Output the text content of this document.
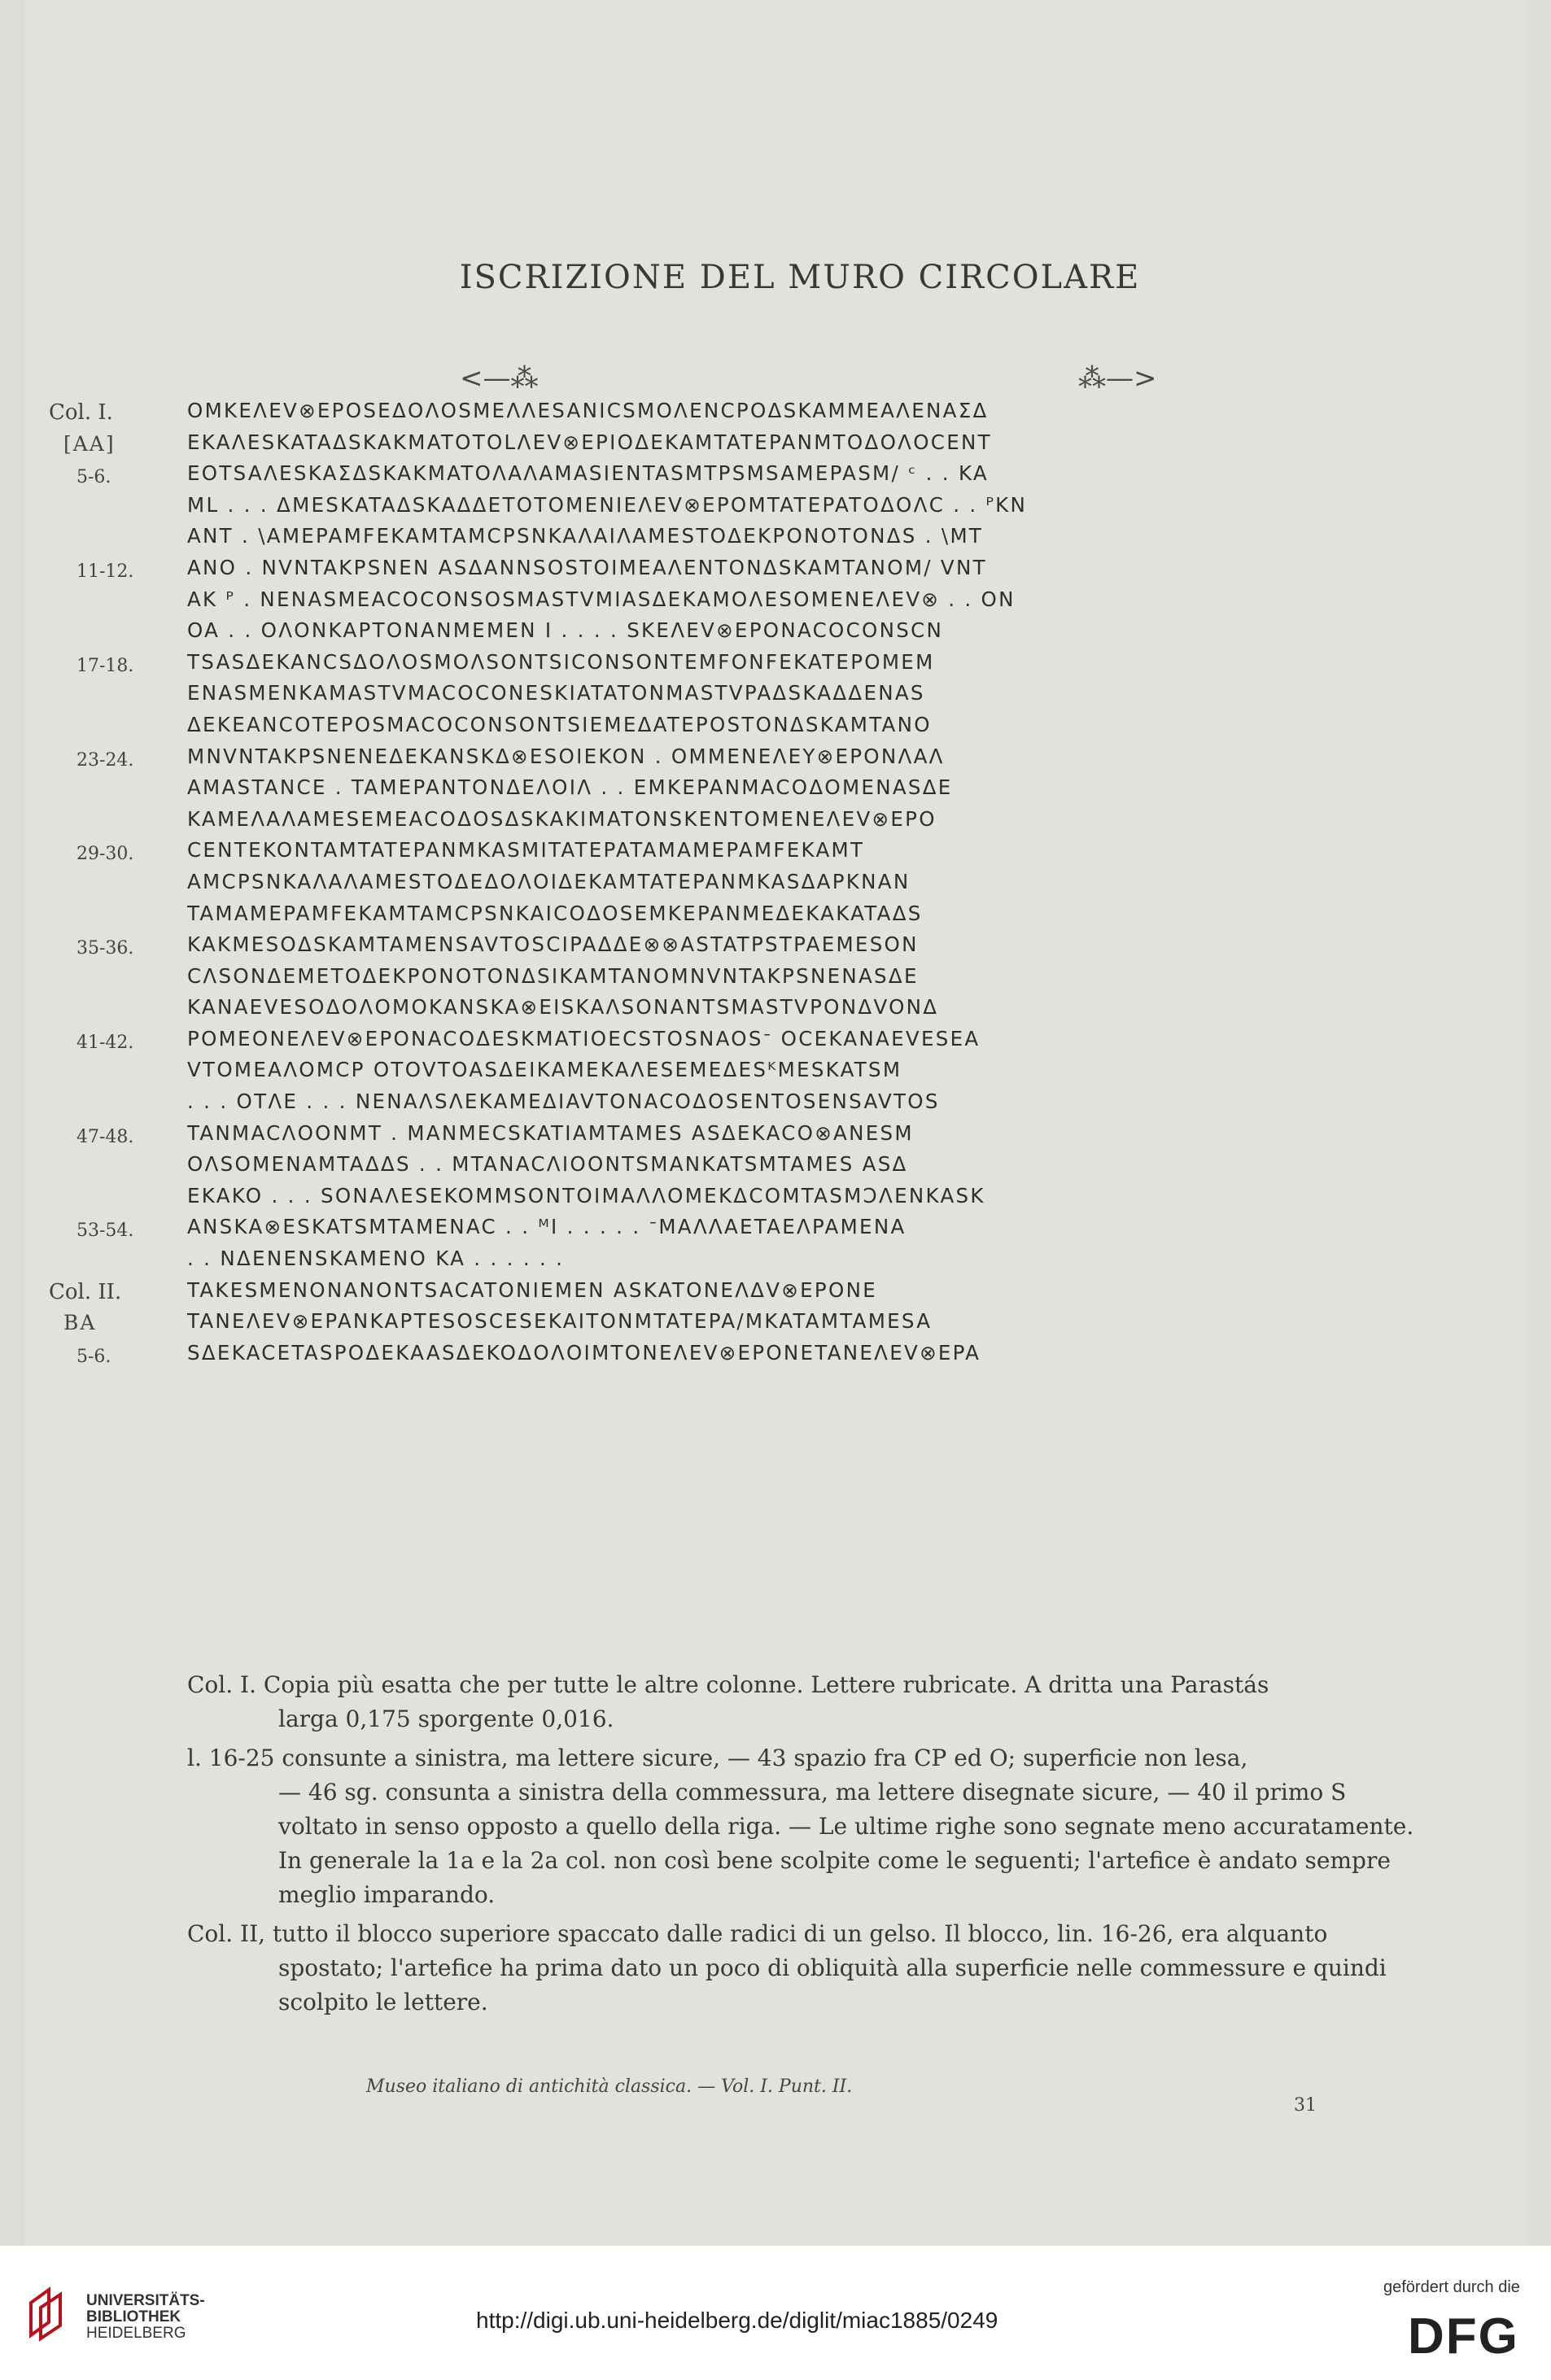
ISCRIZIONE DEL MURO CIRCOLARE
<—⁂	⁂—>
Col. I.	OMKEΛEV⊗EPOSEΔOΛOSΜEΛΛESANΙCSΜOΛENCPOΔSKAMΜEAΛENAΣΔ
[AA]	EKAΛESKATAΔSKAKMATOTOLΛEV⊗EPΙOΔEKAMTATEPANMTOΔOΛOCENT
5-6.	EOTSAΛESKAΣΔSKAKMATOΛAΛAMASΙENTASMTPSMSAΜEPASM/ ᶜ . . KA
ΜL . . . ΔMESKATAΔSKAΔΔETOTOΜENΙEΛEV⊗EPOMTATEPATOΔOΛC . . ᴾKN
ANT . \AΜEPAMFEKAMTAMCPSNKAΛAΙΛAMESTOΔEKPONOTONΔS . \MT
11-12.	ANO . NVNTAKPSNEN ASΔANNSOSTOΙΜEAΛENTONΔSKAMTANOΜ/ VNT
AK ᴾ . NENASΜEACOCONSOSΜASTVMΙASΔEKAΜOΛESOΜENEΛEV⊗ . . ON
OA . . OΛONKAPTONANMEΜEN Ι . . . . SKEΛEV⊗EPONACOCONSCN
17-18.	TSASΔEKANCSΔOΛOSΜOΛSONTSΙCONSONTEMFONFEKATEPOMEΜ
ENASΜENKAΜASTVMACOCONESKΙATATONΜASTVPAΔSKAΔΔENAS
ΔEKEANCOTEPOSMACOCONSONTSΙEΜEΔATEPOSTONΔSKAMTANO
23-24.	ΜNVNTAKPSNENEΔEKANSKΔ⊗ESOΙEKON . OΜΜENEΛEY⊗EPONΛAΛ
AMASTANCE . TAΜEPANTONΔEΛOΙΛ . . EMKEPANMACOΔOΜENASΔE
KAΜEΛAΛAMESEΜEACOΔOSΔSKAKΙMATONSKENTOΜENEΛEV⊗EPO
29-30.	CENTEKONTAMTATEPANMKASMΙTATEPATAMAΜEPAMFEKAMT
AMCPSNKAΛAΛAMESTOΔEΔOΛOΙΔEKAMTATEPANMKASΔAPKNAN
TAMAΜEPAMFEKAMTAMCPSNKAΙCOΔOSEMKEPANMEΔEKAKATAΔS
35-36.	KAKMESOΔSKAMTAMENSAVTOSCΙPAΔΔE⊗⊗ASTATPSTPAEΜESON
CΛSONΔEΜETOΔEKPONOTONΔSΙKAMTANOΜNVNTAKPSNENASΔE
KANAEVESOΔOΛOMOKANSKA⊗EΙSKAΛSONANTSΜASTVPONΔVONΔ
41-42.	POΜEONEΛEV⊗EPONACOΔESKMATΙOECSTOSNAOSᐨ OCEKANAEVESEA
VTOMEAΛOMCP OTOVTOASΔEΙKAΜEKAΛESEΜEΔESᴷMESKATSM
. . . OTΛE . . . NENAΛSΛEKAΜEΔΙAVTONACOΔOSENTOSENSAVTOS
47-48.	TANΜACΛOONMT . ΜANMECSKATΙAMTAMES ASΔEKACO⊗ANESΜ
OΛSOΜENAMTAΔΔS . . MTANACΛΙOONTSΜANKATSMTAMES ASΔ
EKAKO . . . SONAΛESEKOMΜSONTOΙMAΛΛOMEKΔCOMTASMƆΛENKASK
53-54.	ANSKA⊗ESKATSMTAΜENAC . . ᴹΙ . . . . . ᐨMAΛΛAETAEΛPAΜENA
. . NΔENENSKAΜENO KA . . . . . .
Col. II.	TAKESΜENONANONTSACATONΙEΜEN ASKATONEΛΔV⊗EPONE
BA	TANEΛEV⊗EPANKAPTESOSCESEKAΙTONMTATEPA/MKATAMTAMESA
5-6.	SΔEKACETASPOΔEKAASΔEKOΔOΛOΙMTONEΛEV⊗EPONETANEΛEV⊗EPA

Col. I. Copia più esatta che per tutte le altre colonne. Lettere rubricate. A dritta una Parastás
larga 0,175 sporgente 0,016.

l. 16-25 consunte a sinistra, ma lettere sicure, — 43 spazio fra CP ed O; superficie non lesa,
— 46 sg. consunta a sinistra della commessura, ma lettere disegnate sicure, — 40 il primo S voltato in senso opposto a quello della riga. — Le ultime righe sono segnate meno accuratamente. In generale la 1a e la 2a col. non così bene scolpite come le seguenti; l'artefice è andato sempre meglio imparando.

Col. II, tutto il blocco superiore spaccato dalle radici di un gelso. Il blocco, lin. 16-26, era alquanto
spostato; l'artefice ha prima dato un poco di obliquità alla superficie nelle commessure e quindi scolpito le lettere.

Museo italiano di antichità classica. — Vol. I. Punt. II.
31
UNIVERSITÄTS-
BIBLIOTHEK
HEIDELBERG
http://digi.ub.uni-heidelberg.de/diglit/miac1885/0249
gefördert durch die
DFG
